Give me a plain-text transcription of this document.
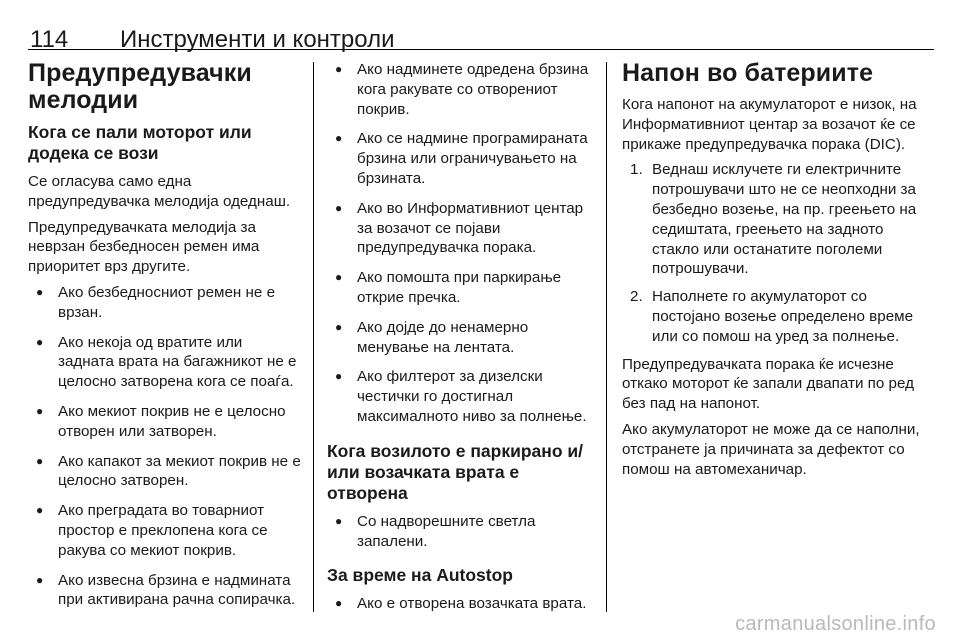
114 Инструменти и контроли
Предупредувачки мелодии
Кога се пали моторот или додека се вози

Се огласува само една предупредувачка мелодија одеднаш.

Предупредувачката мелодија за неврзан безбедносен ремен има приоритет врз другите.

● Ако безбедносниот ремен не е врзан.
● Ако некоја од вратите или задната врата на багажникот не е целосно затворена кога се поаѓа.
● Ако мекиот покрив не е целосно отворен или затворен.
● Ако капакот за мекиот покрив не е целосно затворен.
● Ако преградата во товарниот простор е преклопена кога се ракува со мекиот покрив.
● Ако извесна брзина е надмината при активирана рачна сопирачка.
● Ако надминете одредена брзина кога ракувате со отворениот покрив.
● Ако се надмине програмираната брзина или ограничувањето на брзината.
● Ако во Информативниот центар за возачот се појави предупредувачка порака.
● Ако помошта при паркирање открие пречка.
● Ако дојде до ненамерно менување на лентата.
● Ако филтерот за дизелски честички го достигнал максималното ниво за полнење.
Кога возилото е паркирано и/или возачката врата е отворена
● Со надворешните светла запалени.
За време на Autostop
● Ако е отворена возачката врата.
Напон во батериите

Кога напонот на акумулаторот е низок, на Информативниот центар за возачот ќе се прикаже предупредувачка порака (DIC).

1. Веднаш исклучете ги електричните потрошувачи што не се неопходни за безбедно возење, на пр. греењето на седиштата, греењето на задното стакло или останатите поголеми потрошувачи.
2. Наполнете го акумулаторот со постојано возење определено време или со помош на уред за полнење.

Предупредувачката порака ќе исчезне откако моторот ќе запали двапати по ред без пад на напонот.

Ако акумулаторот не може да се наполни, отстранете ја причината за дефектот со помош на автомеханичар.

carmanualsonline.info
